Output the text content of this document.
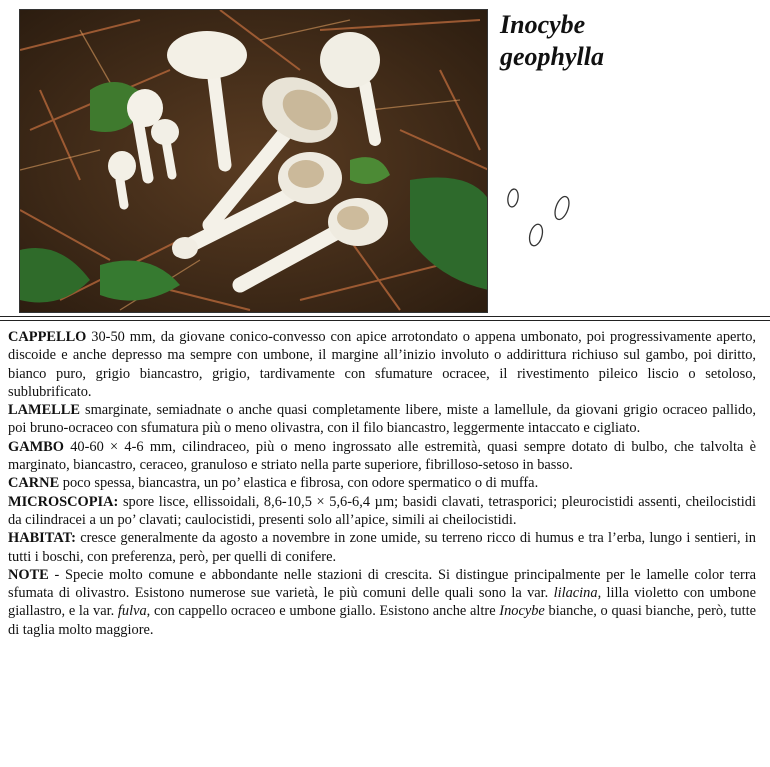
Inocybe
geophylla

CAPPELLO 30-50 mm, da giovane conico-convesso con apice arrotondato o appena umbonato, poi progressivamente aperto, discoide e anche depresso ma sempre con umbone, il margine all’inizio involuto o addirittura richiuso sul gambo, poi diritto, bianco puro, grigio biancastro, grigio, tardivamente con sfumature ocracee, il rivestimento pileico liscio o setoloso, sublubrificato.

LAMELLE smarginate, semiadnate o anche quasi completamente libere, miste a lamellule, da giovani grigio ocraceo pallido, poi bruno-ocraceo con sfumatura più o meno olivastra, con il filo biancastro, leggermente intaccato e cigliato.

GAMBO 40-60 × 4-6 mm, cilindraceo, più o meno ingrossato alle estremità, quasi sempre dotato di bulbo, che talvolta è marginato, biancastro, ceraceo, granuloso e striato nella parte superiore, fibrilloso-setoso in basso.

CARNE poco spessa, biancastra, un po’ elastica e fibrosa, con odore spermatico o di muffa.

MICROSCOPIA: spore lisce, ellissoidali, 8,6-10,5 × 5,6-6,4 µm; basidi clavati, tetrasporici; pleurocistidi assenti, cheilocistidi da cilindracei a un po’ clavati; caulocistidi, presenti solo all’apice, simili ai cheilocistidi.

HABITAT: cresce generalmente da agosto a novembre in zone umide, su terreno ricco di humus e tra l’erba, lungo i sentieri, in tutti i boschi, con preferenza, però, per quelli di conifere.

NOTE - Specie molto comune e abbondante nelle stazioni di crescita. Si distingue principalmente per le lamelle color terra sfumata di olivastro. Esistono numerose sue varietà, le più comuni delle quali sono la var. lilacina, lilla violetto con umbone giallastro, e la var. fulva, con cappello ocraceo e umbone giallo. Esistono anche altre Inocybe bianche, o quasi bianche, però, tutte di taglia molto maggiore.
